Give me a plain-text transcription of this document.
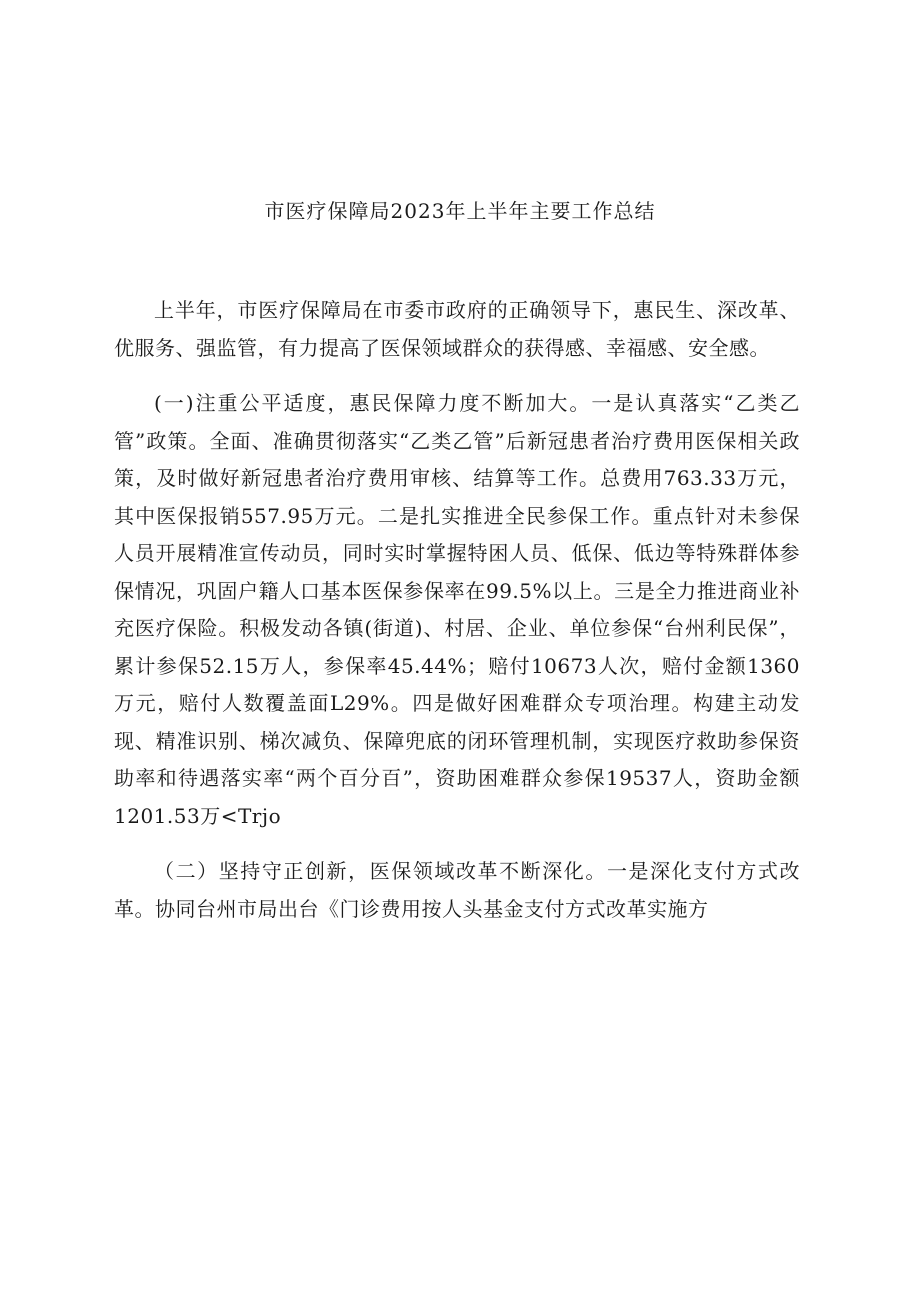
市医疗保障局2023年上半年主要工作总结

上半年，市医疗保障局在市委市政府的正确领导下，惠民生、深改革、优服务、强监管，有力提高了医保领域群众的获得感、幸福感、安全感。

(一)注重公平适度，惠民保障力度不断加大。一是认真落实“乙类乙管”政策。全面、准确贯彻落实“乙类乙管”后新冠患者治疗费用医保相关政策，及时做好新冠患者治疗费用审核、结算等工作。总费用763.33万元，其中医保报销557.95万元。二是扎实推进全民参保工作。重点针对未参保人员开展精准宣传动员，同时实时掌握特困人员、低保、低边等特殊群体参保情况，巩固户籍人口基本医保参保率在99.5%以上。三是全力推进商业补充医疗保险。积极发动各镇(街道)、村居、企业、单位参保“台州利民保”，累计参保52.15万人，参保率45.44%；赔付10673人次，赔付金额1360万元，赔付人数覆盖面L29%。四是做好困难群众专项治理。构建主动发现、精准识别、梯次减负、保障兜底的闭环管理机制，实现医疗救助参保资助率和待遇落实率“两个百分百”，资助困难群众参保19537人，资助金额1201.53万<Trjo

（二）坚持守正创新，医保领域改革不断深化。一是深化支付方式改革。协同台州市局出台《门诊费用按人头基金支付方式改革实施方
